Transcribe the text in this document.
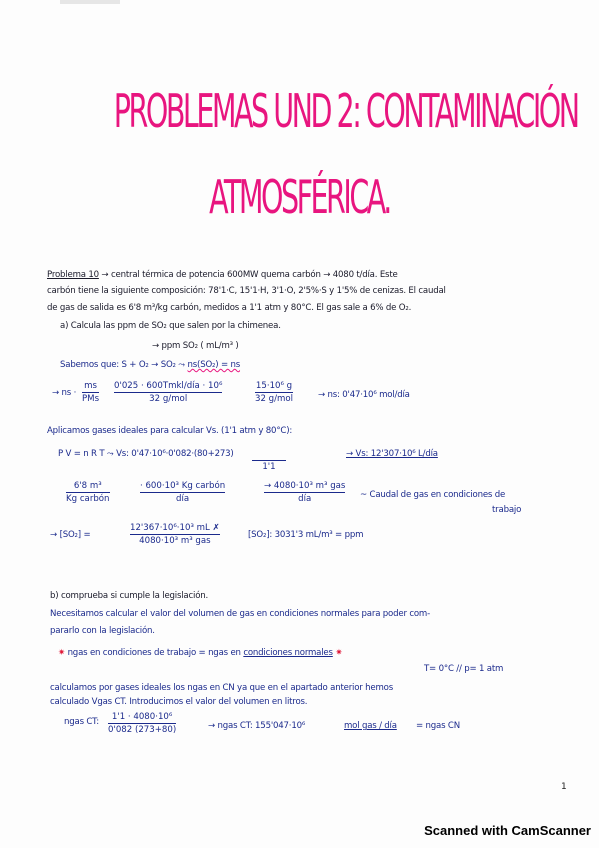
PROBLEMAS UND 2: CONTAMINACIÓN
ATMOSFÉRICA.
Problema 10 → central térmica de potencia 600MW quema carbón → 4080 t/día. Este
carbón tiene la siguiente composición: 78'1·C, 15'1·H, 3'1·O, 2'5%·S y 1'5% de cenizas. El caudal
de gas de salida es 6'8 m³/kg carbón, medidos a 1'1 atm y 80°C. El gas sale a 6% de O₂.
a) Calcula las ppm de SO₂ que salen por la chimenea.
→ ppm SO₂ ( mL/m³ )
Sabemos que: S + O₂ → SO₂ ⤳ ns(SO₂) = ns
→ ns ·
ms
PMs
0'025 · 600Tmkl/día · 10⁶
32 g/mol
15·10⁶ g
32 g/mol	→ ns: 0'47·10⁶ mol/día
Aplicamos gases ideales para calcular Vs. (1'1 atm y 80°C):
P V = n R T ⤳ Vs: 0'47·10⁶·0'082·(80+273)
1'1
→ Vs: 12'307·10⁶ L/día
6'8 m³
Kg carbón
· 600·10³ Kg carbón
día
→ 4080·10³ m³ gas
día	~ Caudal de gas en condiciones de
trabajo
→ [SO₂] =
12'367·10⁶·10³ mL ✗
4080·10³ m³ gas
[SO₂]: 3031'3 mL/m³ = ppm
b) comprueba si cumple la legislación.
Necesitamos calcular el valor del volumen de gas en condiciones normales para poder com-
pararlo con la legislación.
✷ ngas en condiciones de trabajo = ngas en condiciones normales ✷
T= 0°C // p= 1 atm
calculamos por gases ideales los ngas en CN ya que en el apartado anterior hemos
calculado Vgas CT. Introducimos el valor del volumen en litros.
ngas CT:	1'1 · 4080·10⁶
0'082 (273+80)	→ ngas CT: 155'047·10⁶	mol gas / día = ngas CN
1
Scanned with CamScanner
